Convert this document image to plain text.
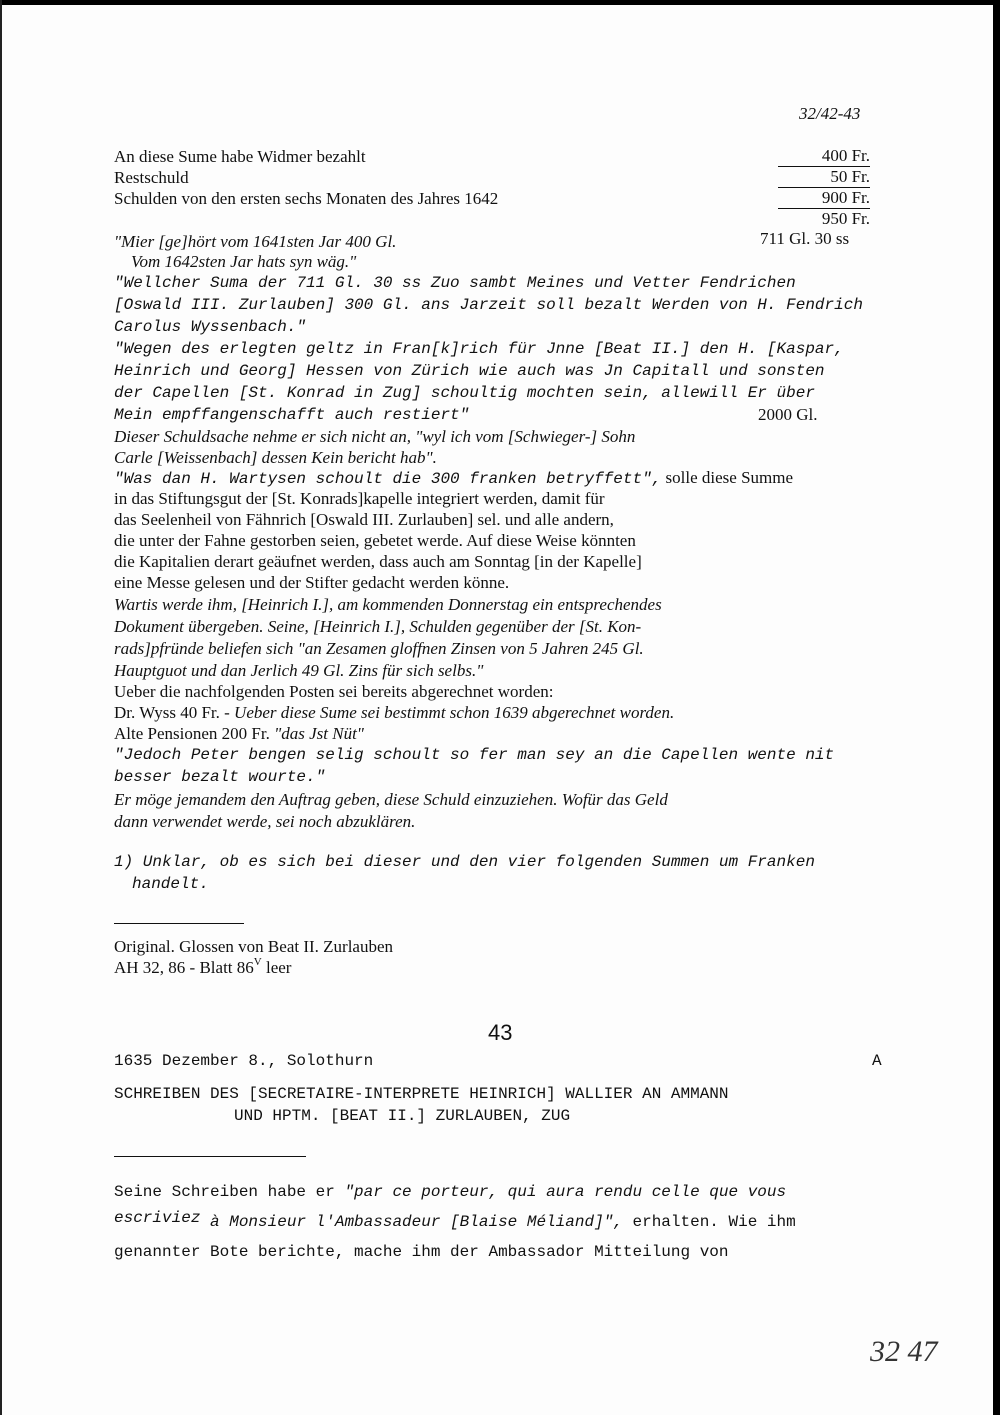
32/42-43
400 Fr.
50 Fr.
900 Fr.
950 Fr.
711 Gl. 30 ss
An diese Sume habe Widmer bezahlt
Restschuld
Schulden von den ersten sechs Monaten des Jahres 1642
"Mier [ge]hört vom 1641sten Jar 400 Gl.
Vom 1642sten Jar hats syn wäg."
"Wellcher Suma der 711 Gl. 30 ss Zuo sambt Meines und Vetter Fendrichen
[Oswald III. Zurlauben] 300 Gl. ans Jarzeit soll bezalt Werden von H. Fendrich
Carolus Wyssenbach."
"Wegen des erlegten geltz in Fran[k]rich für Jnne [Beat II.] den H. [Kaspar,
Heinrich und Georg] Hessen von Zürich wie auch was Jn Capitall und sonsten
der Capellen [St. Konrad in Zug] schoultig mochten sein, allewill Er über
Mein empffangenschafft auch restiert"	2000 Gl.
Dieser Schuldsache nehme er sich nicht an, "wyl ich vom [Schwieger-] Sohn
Carle [Weissenbach] dessen Kein bericht hab".
"Was dan H. Wartysen schoult die 300 franken betryffett", solle diese Summe
in das Stiftungsgut der [St. Konrads]kapelle integriert werden, damit für
das Seelenheil von Fähnrich [Oswald III. Zurlauben] sel. und alle andern,
die unter der Fahne gestorben seien, gebetet werde. Auf diese Weise könnten
die Kapitalien derart geäufnet werden, dass auch am Sonntag [in der Kapelle]
eine Messe gelesen und der Stifter gedacht werden könne.
Wartis werde ihm, [Heinrich I.], am kommenden Donnerstag ein entsprechendes
Dokument übergeben. Seine, [Heinrich I.], Schulden gegenüber der [St. Kon-
rads]pfründe beliefen sich "an Zesamen gloffnen Zinsen von 5 Jahren 245 Gl.
Hauptguot und dan Jerlich 49 Gl. Zins für sich selbs."
Ueber die nachfolgenden Posten sei bereits abgerechnet worden:
Dr. Wyss 40 Fr. - Ueber diese Sume sei bestimmt schon 1639 abgerechnet worden.
Alte Pensionen 200 Fr. "das Jst Nüt"
"Jedoch Peter bengen selig schoult so fer man sey an die Capellen wente nit
besser bezalt wourte."
Er möge jemandem den Auftrag geben, diese Schuld einzuziehen. Wofür das Geld
dann verwendet werde, sei noch abzuklären.
1) Unklar, ob es sich bei dieser und den vier folgenden Summen um Franken
handelt.
Original. Glossen von Beat II. Zurlauben
AH 32, 86 - Blatt $86^V$ leer
43
1635 Dezember 8., Solothurn	A
SCHREIBEN DES [SECRETAIRE-INTERPRETE HEINRICH] WALLIER AN AMMANN
UND HPTM. [BEAT II.] ZURLAUBEN, ZUG
Seine Schreiben habe er "par ce porteur, qui aura rendu celle que vous
escriviez à Monsieur l'Ambassadeur [Blaise Méliand]", erhalten. Wie ihm
genannter Bote berichte, mache ihm der Ambassador Mitteilung von
32 47
